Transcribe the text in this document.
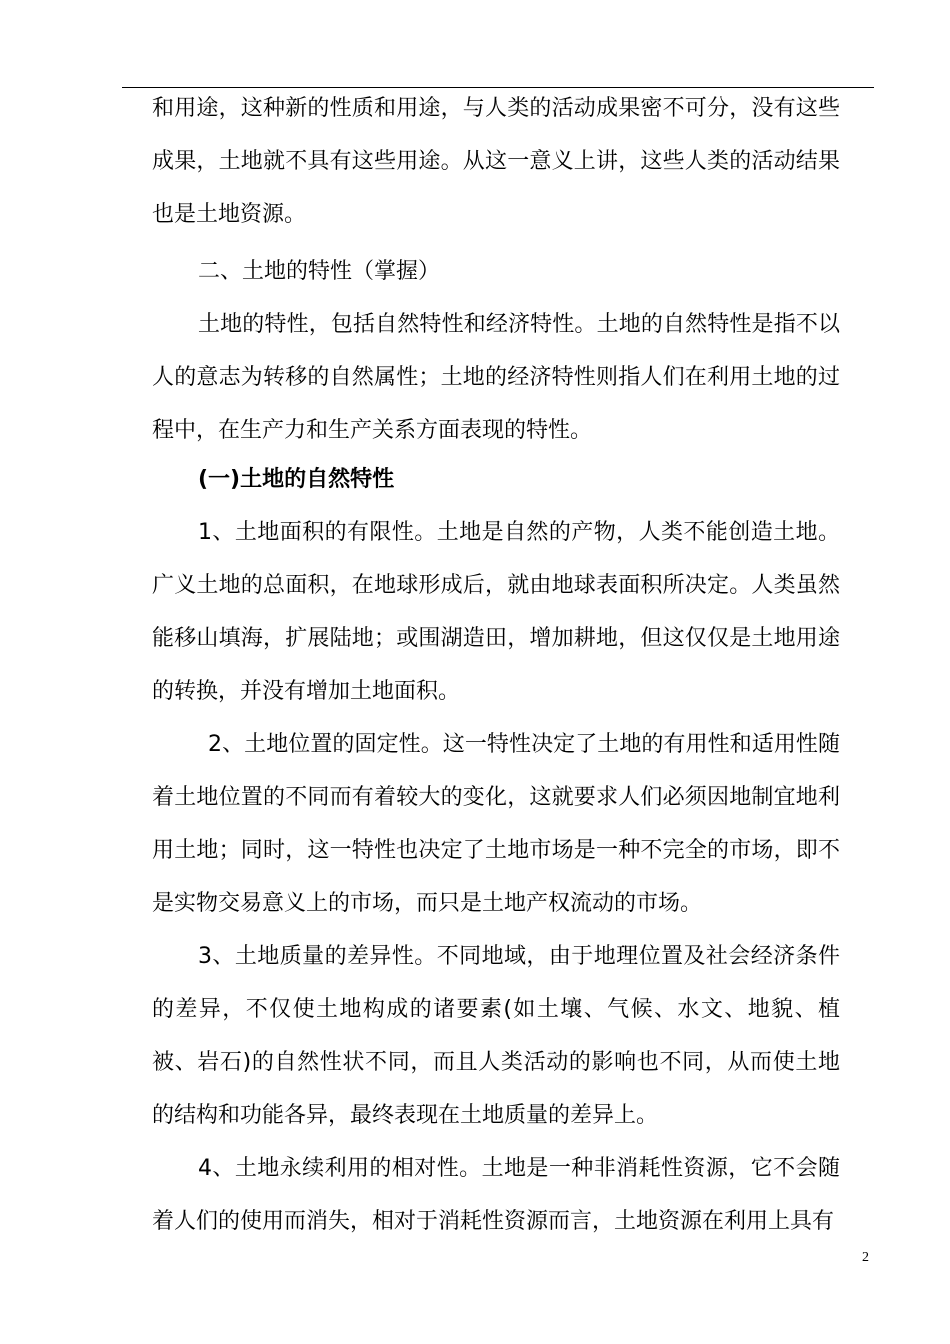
和用途，这种新的性质和用途，与人类的活动成果密不可分，没有这些成果，土地就不具有这些用途。从这一意义上讲，这些人类的活动结果也是土地资源。

二、土地的特性（掌握）

土地的特性，包括自然特性和经济特性。土地的自然特性是指不以人的意志为转移的自然属性；土地的经济特性则指人们在利用土地的过程中，在生产力和生产关系方面表现的特性。

(一)土地的自然特性

1、土地面积的有限性。土地是自然的产物，人类不能创造土地。广义土地的总面积，在地球形成后，就由地球表面积所决定。人类虽然能移山填海，扩展陆地；或围湖造田，增加耕地，但这仅仅是土地用途的转换，并没有增加土地面积。

2、土地位置的固定性。这一特性决定了土地的有用性和适用性随着土地位置的不同而有着较大的变化，这就要求人们必须因地制宜地利用土地；同时，这一特性也决定了土地市场是一种不完全的市场，即不是实物交易意义上的市场，而只是土地产权流动的市场。

3、土地质量的差异性。不同地域，由于地理位置及社会经济条件的差异，不仅使土地构成的诸要素(如土壤、气候、水文、地貌、植被、岩石)的自然性状不同，而且人类活动的影响也不同，从而使土地的结构和功能各异，最终表现在土地质量的差异上。

4、土地永续利用的相对性。土地是一种非消耗性资源，它不会随着人们的使用而消失，相对于消耗性资源而言，土地资源在利用上具有

2
